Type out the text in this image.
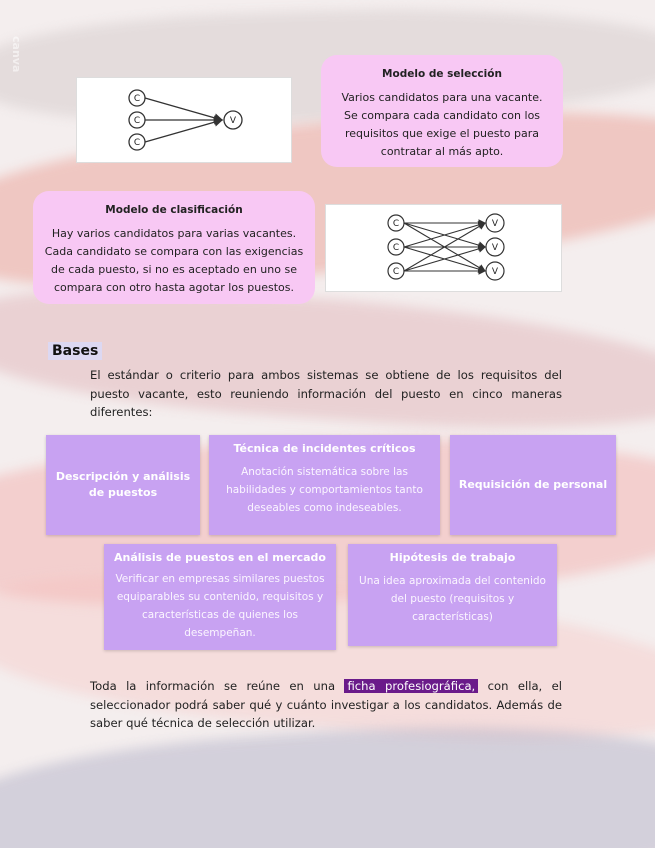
canva
C
C
C
V
Modelo de selección
Varios candidatos para una vacante. Se compara cada candidato con los requisitos que exige el puesto para contratar al más apto.
Modelo de clasificación
Hay varios candidatos para varias vacantes. Cada candidato se compara con las exigencias de cada puesto, si no es aceptado en uno se compara con otro hasta agotar los puestos.
C
C
C
V
V
V
Bases
El estándar o criterio para ambos sistemas se obtiene de los requisitos del puesto vacante, esto reuniendo información del puesto en cinco maneras diferentes:
Descripción y análisis de puestos
Técnica de incidentes críticos
Anotación sistemática sobre las habilidades y comportamientos tanto deseables como indeseables.
Requisición de personal
Análisis de puestos en el mercado
Verificar en empresas similares puestos equiparables su contenido, requisitos y características de quienes los desempeñan.
Hipótesis de trabajo
Una idea aproximada del contenido del puesto (requisitos y características)
Toda la información se reúne en una ficha profesiográfica, con ella, el seleccionador podrá saber qué y cuánto investigar a los candidatos. Además de saber qué técnica de selección utilizar.
